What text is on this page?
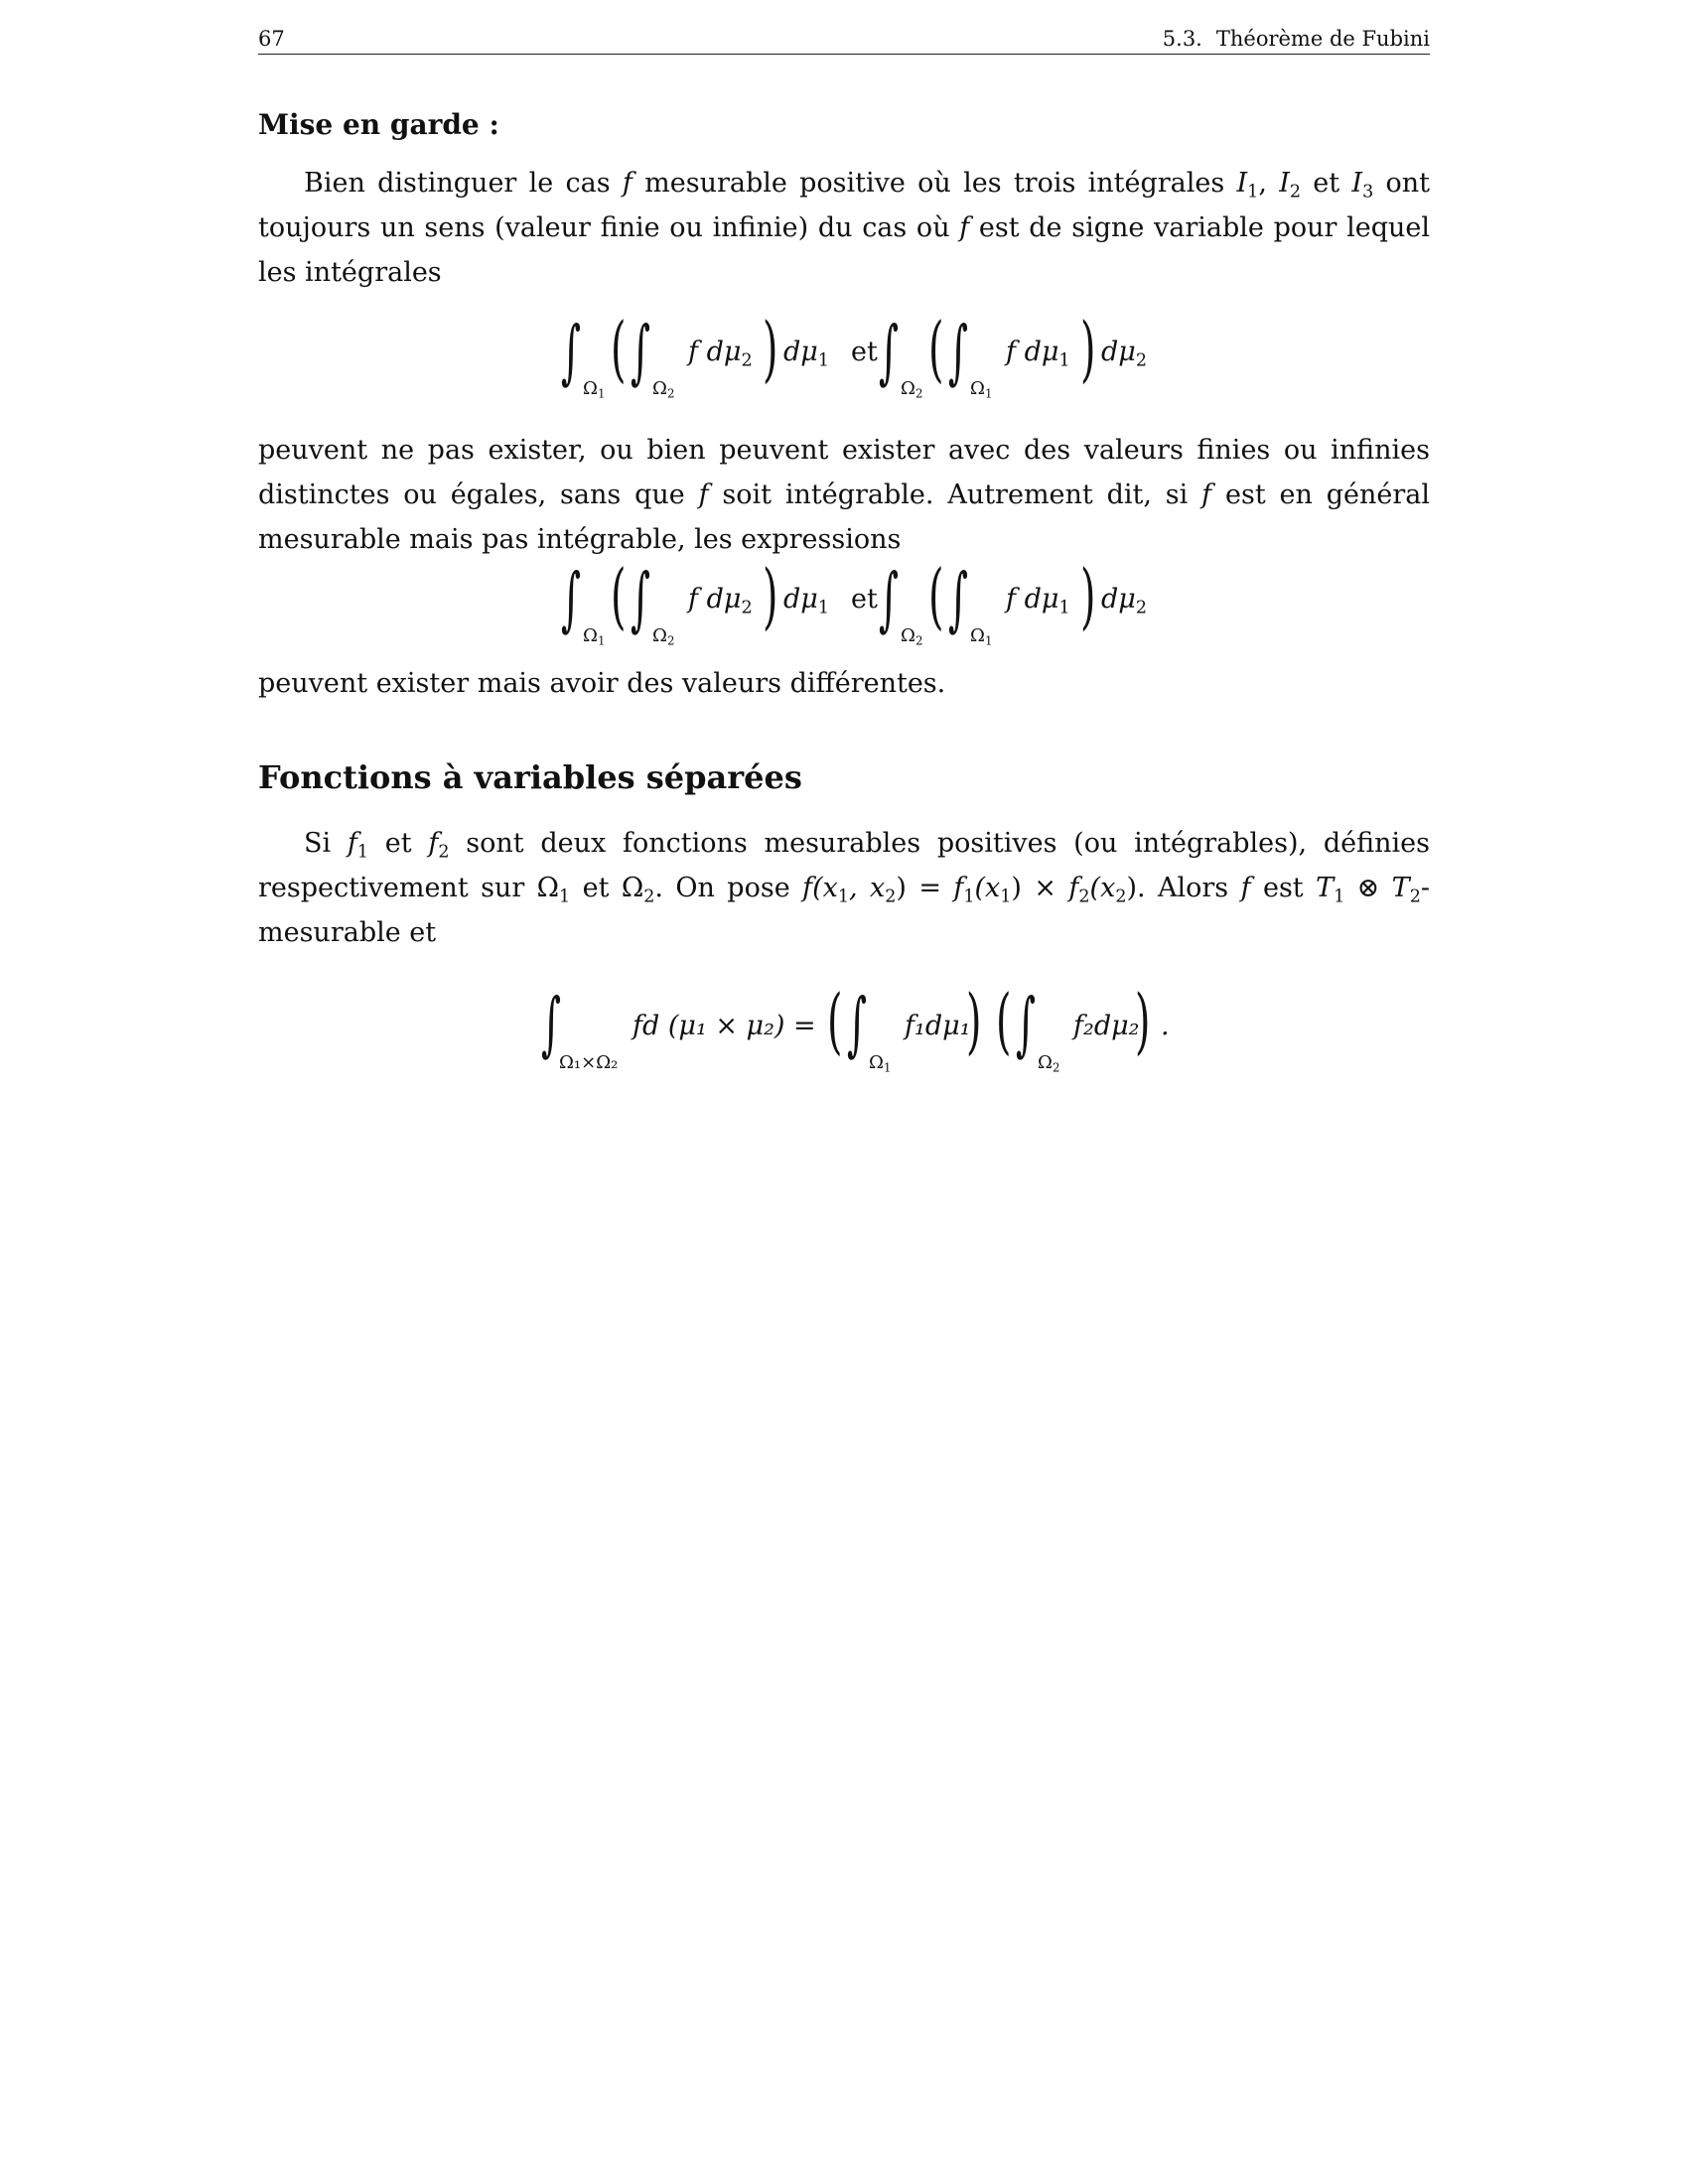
67	5.3. Théorème de Fubini
Mise en garde :

Bien distinguer le cas f mesurable positive où les trois intégrales $I_1$, $I_2$ et $I_3$ ont toujours un sens (valeur finie ou infinie) du cas où f est de signe variable pour lequel les intégrales

∫ $\Omega_1$
( ∫ $\Omega_2$
f $d\mu_2$ ) $d\mu_1$ et ∫ $\Omega_2$
( ∫ $\Omega_1$
f $d\mu_1$ ) $d\mu_2$

peuvent ne pas exister, ou bien peuvent exister avec des valeurs finies ou infinies distinctes ou égales, sans que f soit intégrable. Autrement dit, si f est en général mesurable mais pas intégrable, les expressions

∫ $\Omega_1$
( ∫ $\Omega_2$
f $d\mu_2$ ) $d\mu_1$ et ∫ $\Omega_2$
( ∫ $\Omega_1$
f $d\mu_1$ ) $d\mu_2$

peuvent exister mais avoir des valeurs différentes.

Fonctions à variables séparées

Si $f_1$ et $f_2$ sont deux fonctions mesurables positives (ou intégrables), définies respectivement sur $\Omega_1$ et $\Omega_2$. On pose $f(x_1$, $x_2) = f_1(x_1) \times f_2(x_2)$. Alors f est $T_1$ ⊗ $T_2$-mesurable et

∫
Ω₁×Ω₂
fd (μ₁ × μ₂) = ( ∫ $\Omega_1$
f₁dμ₁
) ( ∫ $\Omega_2$
f₂dμ₂
) .
